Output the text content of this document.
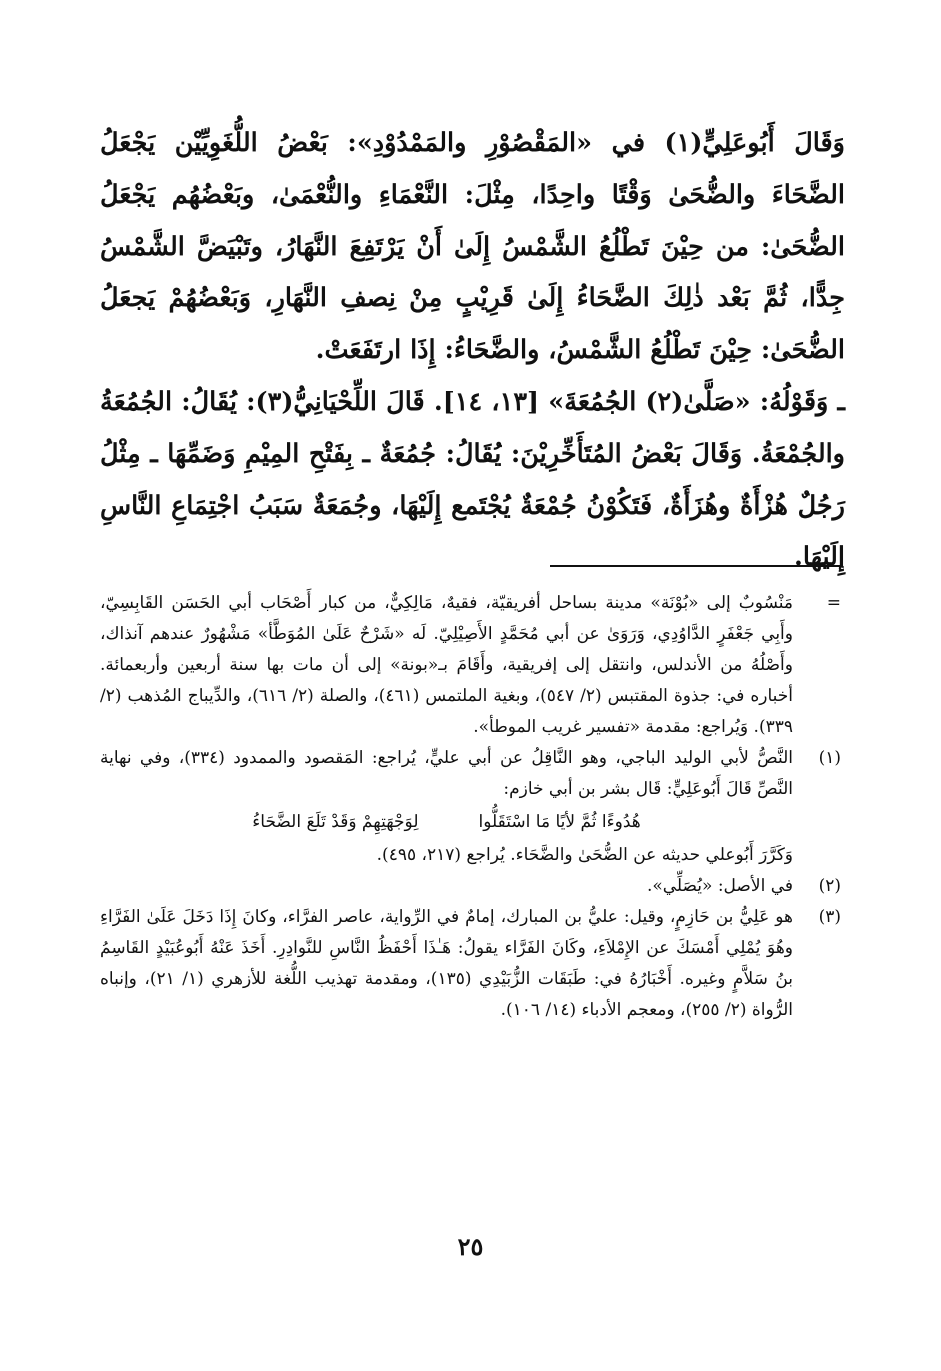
وَقَالَ أَبُوعَلِيٍّ(١) في «المَقْصُوْرِ والمَمْدُوْدِ»: بَعْضُ اللُّغَوِيِّيْن يَجْعَلُ الضَّحَاءَ والضُّحَىٰ وَقْتًا واحِدًا، مِثْلَ: النَّعْمَاءِ والنُّعْمَىٰ، وبَعْضُهُم يَجْعَلُ الضُّحَىٰ: من حِيْنَ تَطْلُعُ الشَّمْسُ إِلَىٰ أَنْ يَرْتَفِعَ النَّهَارُ، وتَبْيَضَّ الشَّمْسُ جِدًّا، ثُمَّ بَعْد ذٰلِكَ الضَّحَاءُ إِلَىٰ قَرِيْبٍ مِنْ نِصفِ النَّهَارِ، وَبَعْضُهُمْ يَجعَلُ الضُّحَىٰ: حِيْنَ تَطْلُعُ الشَّمْسُ، والضَّحَاءُ: إِذَا ارتَفَعَتْ.

ـ وَقَوْلُهُ: «صَلَّىٰ(٢) الجُمُعَةَ» [١٣، ١٤]. قَالَ اللِّحْيَانِيُّ(٣): يُقَالُ: الجُمُعَةُ والجُمْعَةُ. وَقَالَ بَعْضُ المُتَأَخِّرِيْنَ: يُقَالُ: جُمُعَةٌ ـ بِفَتْحِ المِيْمِ وَضَمِّهَا ـ مِثْلُ رَجُلٌ هُزْأَةٌ وهُزَأَةٌ، فَتَكُوْنُ جُمْعَةٌ يُجْتَمع إِلَيْهَا، وجُمَعَةٌ سَبَبُ اجْتِمَاعِ النَّاسِ إِلَيْهَا.

=
مَنْسُوبٌ إلى «بُوْنَة» مدينة بساحل أفريقيّة، فقيهٌ، مَالِكِيٌّ، من كبار أَصْحَاب أبي الحَسَن القَابِسِيّ، وأَبِي جَعْفَرٍ الدَّاوُدِي، وَرَوَىٰ عن أبي مُحَمَّدٍ الأَصِيْلِيّ. لَه «شَرْحٌ عَلَىٰ المُوَطَّأ» مَشْهُورٌ عندهم آنذاك، وأَصْلُهُ من الأندلس، وانتقل إلى إفريقية، وأَقَامَ بـ«بونة» إلى أن مات بها سنة أربعين وأربعمائة. أخباره في: جذوة المقتبس (٢/ ٥٤٧)، وبغية الملتمس (٤٦١)، والصلة (٢/ ٦١٦)، والدِّيباج المُذهب (٢/ ٣٣٩). وَيُراجع: مقدمة «تفسير غريب الموطأ».
(١)
النَّصُّ لأبي الوليد الباجي، وهو النَّاقِلُ عن أبي عليٍّ، يُراجع: المَقصود والممدود (٣٣٤)، وفي نهاية النَّصِّ قَالَ أَبُوعَلِيٍّ: قَال بشر بن أبي خازم:
هُدُوءًا ثُمَّ لأيًا مَا اسْتَقَلُّوا
لِوَجْهَتِهِمْ وَقَدْ تَلَعَ الضَّحَاءُ
وَكَرَّرَ أَبُوعلي حديثه عن الضُّحَىٰ والضَّحَاء. يُراجع (٢١٧، ٤٩٥).
(٢)
في الأصل: «يُصَلِّي».
(٣)
هو عَلِيُّ بن حَازِمٍ، وقيل: عليُّ بن المبارك، إمامٌ في الرِّواية، عاصر الفرَّاء، وكانَ إِذَا دَخَلَ عَلَىٰ الفَرَّاءِ وهُوَ يُمْلِي أَمْسَكَ عن الإِمْلاَءِ، وكَانَ الفَرَّاء يقولُ: هَـٰذَا أَحْفَظُ النَّاسِ للنَّوادِرِ. أَخَذَ عَنْهُ أَبُوعُبَيْدٍ القَاسِمُ بنُ سَلاَّمٍ وغيره. أَخْبَارُهُ في: طَبَقَات الزُّبَيْدِي (١٣٥)، ومقدمة تهذيب اللُّغة للأزهري (١/ ٢١)، وإنباه الرُّواة (٢/ ٢٥٥)، ومعجم الأدباء (١٤/ ١٠٦).
٢٥
